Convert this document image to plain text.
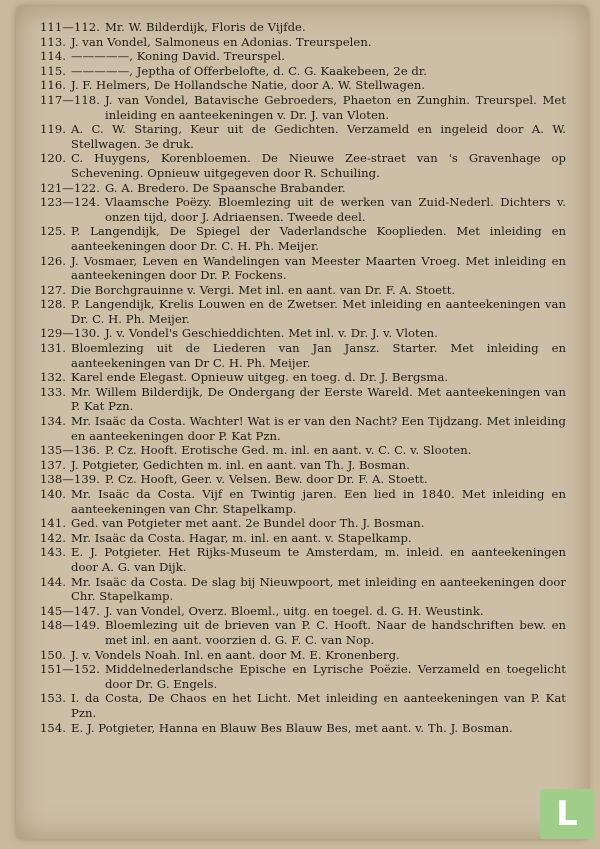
111—112. Mr. W. Bilderdijk, Floris de Vijfde.
113. J. van Vondel, Salmoneus en Adonias. Treurspelen.
114. —————, Koning David. Treurspel.
115. —————, Jeptha of Offerbelofte, d. C. G. Kaakebeen, 2e dr.
116. J. F. Helmers, De Hollandsche Natie, door A. W. Stellwagen.
117—118. J. van Vondel, Batavische Gebroeders, Phaeton en Zunghin. Treurspel. Met inleiding en aanteekeningen v. Dr. J. van Vloten.
119. A. C. W. Staring, Keur uit de Gedichten. Verzameld en ingeleid door A. W. Stellwagen. 3e druk.
120. C. Huygens, Korenbloemen. De Nieuwe Zee-straet van 's Gravenhage op Schevening. Opnieuw uitgegeven door R. Schuiling.
121—122. G. A. Bredero. De Spaansche Brabander.
123—124. Vlaamsche Poëzy. Bloemlezing uit de werken van Zuid-Nederl. Dichters v. onzen tijd, door J. Adriaensen. Tweede deel.
125. P. Langendijk, De Spiegel der Vaderlandsche Kooplieden. Met inleiding en aanteekeningen door Dr. C. H. Ph. Meijer.
126. J. Vosmaer, Leven en Wandelingen van Meester Maarten Vroeg. Met inleiding en aanteekeningen door Dr. P. Fockens.
127. Die Borchgrauinne v. Vergi. Met inl. en aant. van Dr. F. A. Stoett.
128. P. Langendijk, Krelis Louwen en de Zwetser. Met inleiding en aanteekeningen van Dr. C. H. Ph. Meijer.
129—130. J. v. Vondel's Geschieddichten. Met inl. v. Dr. J. v. Vloten.
131. Bloemlezing uit de Liederen van Jan Jansz. Starter. Met inleiding en aanteekeningen van Dr C. H. Ph. Meijer.
132. Karel ende Elegast. Opnieuw uitgeg. en toeg. d. Dr. J. Bergsma.
133. Mr. Willem Bilderdijk, De Ondergang der Eerste Wareld. Met aanteekeningen van P. Kat Pzn.
134. Mr. Isaäc da Costa. Wachter! Wat is er van den Nacht? Een Tijdzang. Met inleiding en aanteekeningen door P. Kat Pzn.
135—136. P. Cz. Hooft. Erotische Ged. m. inl. en aant. v. C. C. v. Slooten.
137. J. Potgieter, Gedichten m. inl. en aant. van Th. J. Bosman.
138—139. P. Cz. Hooft, Geer. v. Velsen. Bew. door Dr. F. A. Stoett.
140. Mr. Isaäc da Costa. Vijf en Twintig jaren. Een lied in 1840. Met inleiding en aanteekeningen van Chr. Stapelkamp.
141. Ged. van Potgieter met aant. 2e Bundel door Th. J. Bosman.
142. Mr. Isaäc da Costa. Hagar, m. inl. en aant. v. Stapelkamp.
143. E. J. Potgieter. Het Rijks-Museum te Amsterdam, m. inleid. en aanteekeningen door A. G. van Dijk.
144. Mr. Isaäc da Costa. De slag bij Nieuwpoort, met inleiding en aanteekeningen door Chr. Stapelkamp.
145—147. J. van Vondel, Overz. Bloeml., uitg. en toegel. d. G. H. Weustink.
148—149. Bloemlezing uit de brieven van P. C. Hooft. Naar de handschriften bew. en met inl. en aant. voorzien d. G. F. C. van Nop.
150. J. v. Vondels Noah. Inl. en aant. door M. E. Kronenberg.
151—152. Middelnederlandsche Epische en Lyrische Poëzie. Verzameld en toegelicht door Dr. G. Engels.
153. I. da Costa, De Chaos en het Licht. Met inleiding en aanteekeningen van P. Kat Pzn.
154. E. J. Potgieter, Hanna en Blauw Bes Blauw Bes, met aant. v. Th. J. Bosman.
L
